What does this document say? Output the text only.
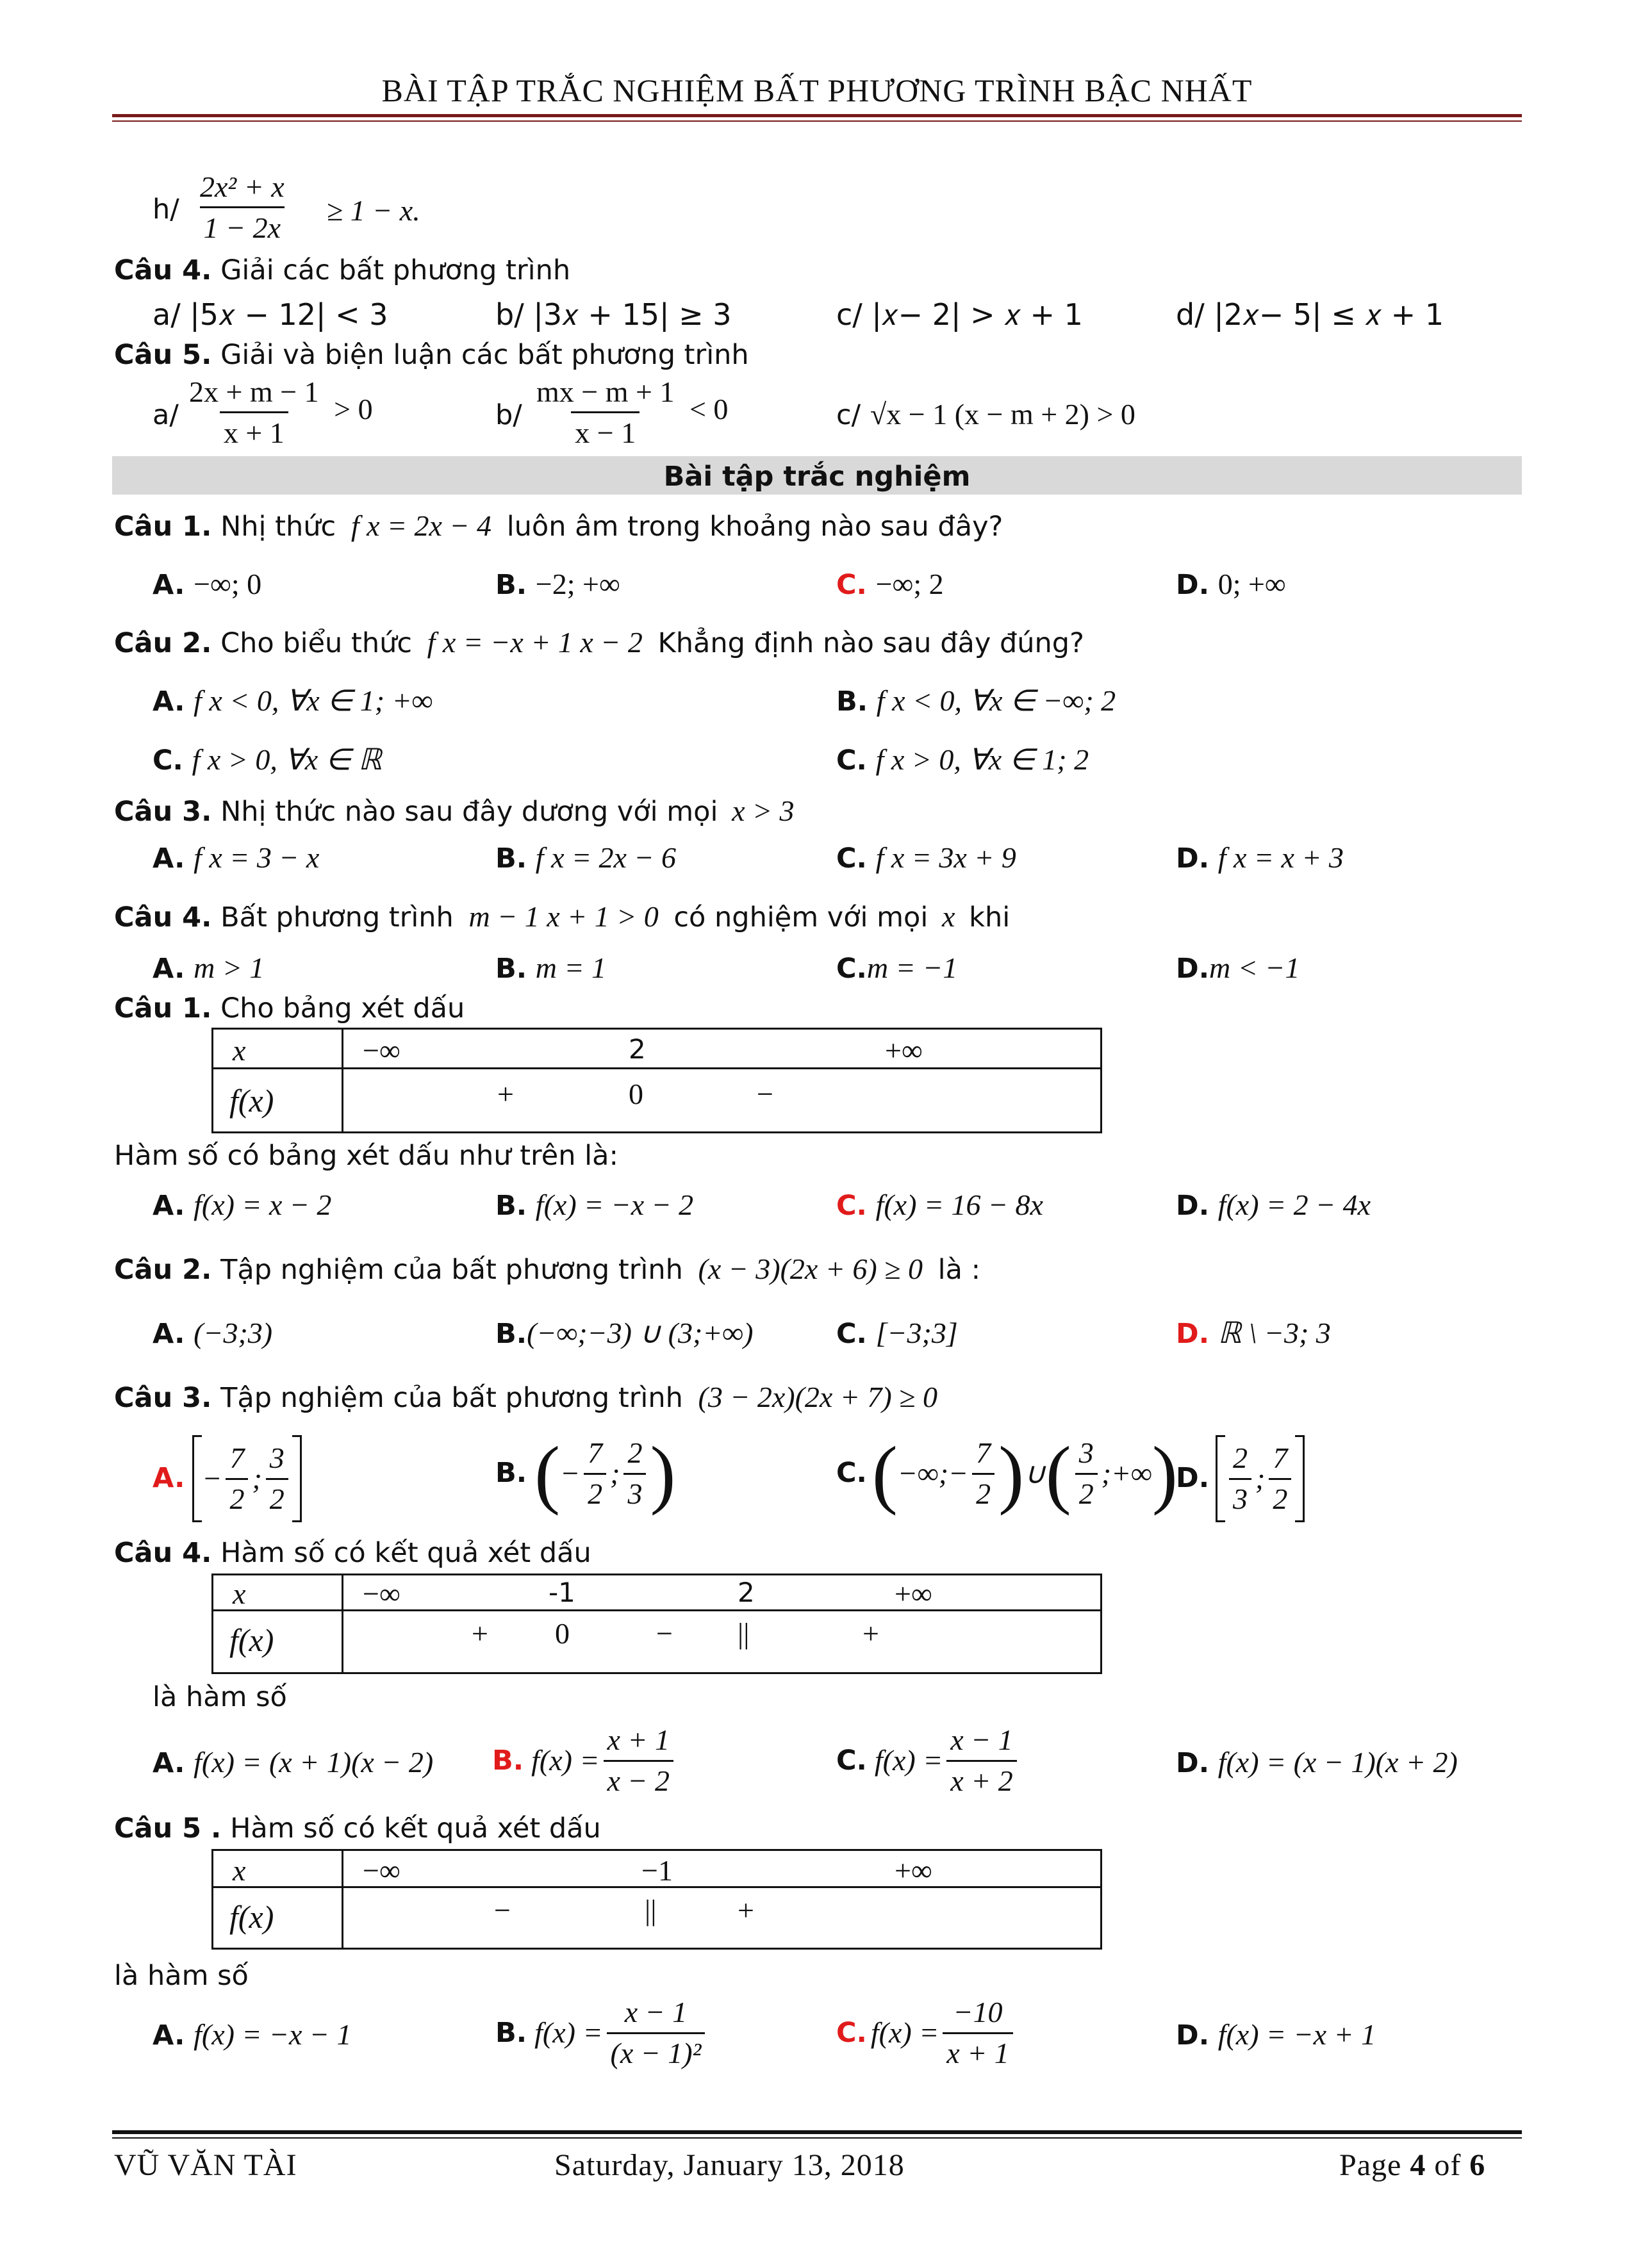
BÀI TẬP TRẮC NGHIỆM BẤT PHƯƠNG TRÌNH BẬC NHẤT
$h/ \frac{\text{2x² + x}}{1 - 2x} \ge 1 - x$.
Câu 4. Giải các bất phương trình
a/ |5𝑥 − 12| < 3	b/ |3𝑥 + 15| ≥ 3	c/ |𝑥− 2| > 𝑥 + 1	d/ |2𝑥− 5| ≤ 𝑥 + 1
Câu 5. Giải và biện luận các bất phương trình
$a/ \frac{2x + m - 1}{x + 1} > 0$	$b/ \frac{mx - m + 1}{x - 1} < 0$	c/ √x − 1 (x − m + 2) > 0
Bài tập trắc nghiệm
Câu 1. Nhị thức f x = 2x − 4 luôn âm trong khoảng nào sau đây?
A. −∞; 0	B. −2; +∞	C. −∞; 2	D. 0; +∞
Câu 2. Cho biểu thức f x = −x + 1 x − 2 Khẳng định nào sau đây đúng?
A. f x < 0, ∀x ∈ 1; +∞	B. f x < 0, ∀x ∈ −∞; 2
C. f x > 0, ∀x ∈ ℝ	C. f x > 0, ∀x ∈ 1; 2
Câu 3. Nhị thức nào sau đây dương với mọi x > 3
A. f x = 3 − x	B. f x = 2x − 6	C. f x = 3x + 9	D. f x = x + 3
Câu 4. Bất phương trình m − 1 x + 1 > 0 có nghiệm với mọi x khi
A. m > 1	B. m = 1	C.m = −1	D.m < −1
Câu 1. Cho bảng xét dấu
x	−∞ 2 +∞

f(x)	+ 0 −
Hàm số có bảng xét dấu như trên là:
A. f(x) = x − 2	B. f(x) = −x − 2	C. f(x) = 16 − 8x	D. f(x) = 2 − 4x
Câu 2. Tập nghiệm của bất phương trình (x − 3)(2x + 6) ≥ 0 là :
A. (−3;3)	B.(−∞;−3) ∪ (3;+∞)	C. [−3;3]	D. ℝ \ −3; 3
Câu 3. Tập nghiệm của bất phương trình (3 − 2x)(2x + 7) ≥ 0
A. − $\frac{7}{2}$ ; $\frac{3}{2}$	B. ( − $\frac{7}{2}$ ; $\frac{2}{3}$ )	C. ( −∞; − $\frac{7}{2}$ ) ∪ ( $\frac{3}{2}$ ;+∞ )
D. $\frac{2}{3}$ ; $\frac{7}{2}$
Câu 4. Hàm số có kết quả xét dấu
x	−∞ -1 2 +∞

f(x)	+ 0 − || +
là hàm số
A. f(x) = (x + 1)(x − 2) B. $f(x) = \frac{x + 1}{x - 2}$	C. $f(x) = \frac{x - 1}{x + 2}$	D. f(x) = (x − 1)(x + 2)
Câu 5 . Hàm số có kết quả xét dấu
x	−∞ −1 +∞

f(x)	− || +
là hàm số
A. f(x) = −x − 1	B. $f(x) = \frac{x - 1}{\text{(x − 1)²}}$	C. $f(x) = \frac{-10}{x + 1}$	D. f(x) = −x + 1
VŨ VĂN TÀI	Saturday, January 13, 2018	Page 4 of 6
